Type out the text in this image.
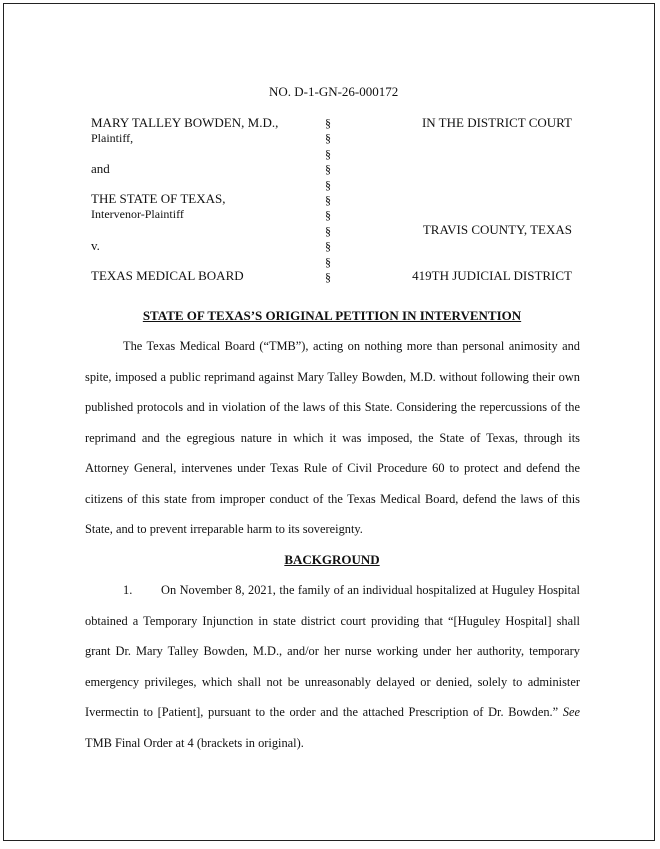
NO. D-1-GN-26-000172
MARY TALLEY BOWDEN, M.D.,
Plaintiff,
and
THE STATE OF TEXAS,
Intervenor-Plaintiff
v.
TEXAS MEDICAL BOARD
§
§
§
§
§
§
§
§
§
§
§
IN THE DISTRICT COURT
TRAVIS COUNTY, TEXAS
419TH JUDICIAL DISTRICT
STATE OF TEXAS’S ORIGINAL PETITION IN INTERVENTION
The Texas Medical Board (“TMB”), acting on nothing more than personal animosity and spite, imposed a public reprimand against Mary Talley Bowden, M.D. without following their own published protocols and in violation of the laws of this State. Considering the repercussions of the reprimand and the egregious nature in which it was imposed, the State of Texas, through its Attorney General, intervenes under Texas Rule of Civil Procedure 60 to protect and defend the citizens of this state from improper conduct of the Texas Medical Board, defend the laws of this State, and to prevent irreparable harm to its sovereignty.
BACKGROUND
1. On November 8, 2021, the family of an individual hospitalized at Huguley Hospital obtained a Temporary Injunction in state district court providing that “[Huguley Hospital] shall grant Dr. Mary Talley Bowden, M.D., and/or her nurse working under her authority, temporary emergency privileges, which shall not be unreasonably delayed or denied, solely to administer Ivermectin to [Patient], pursuant to the order and the attached Prescription of Dr. Bowden.” See TMB Final Order at 4 (brackets in original).
